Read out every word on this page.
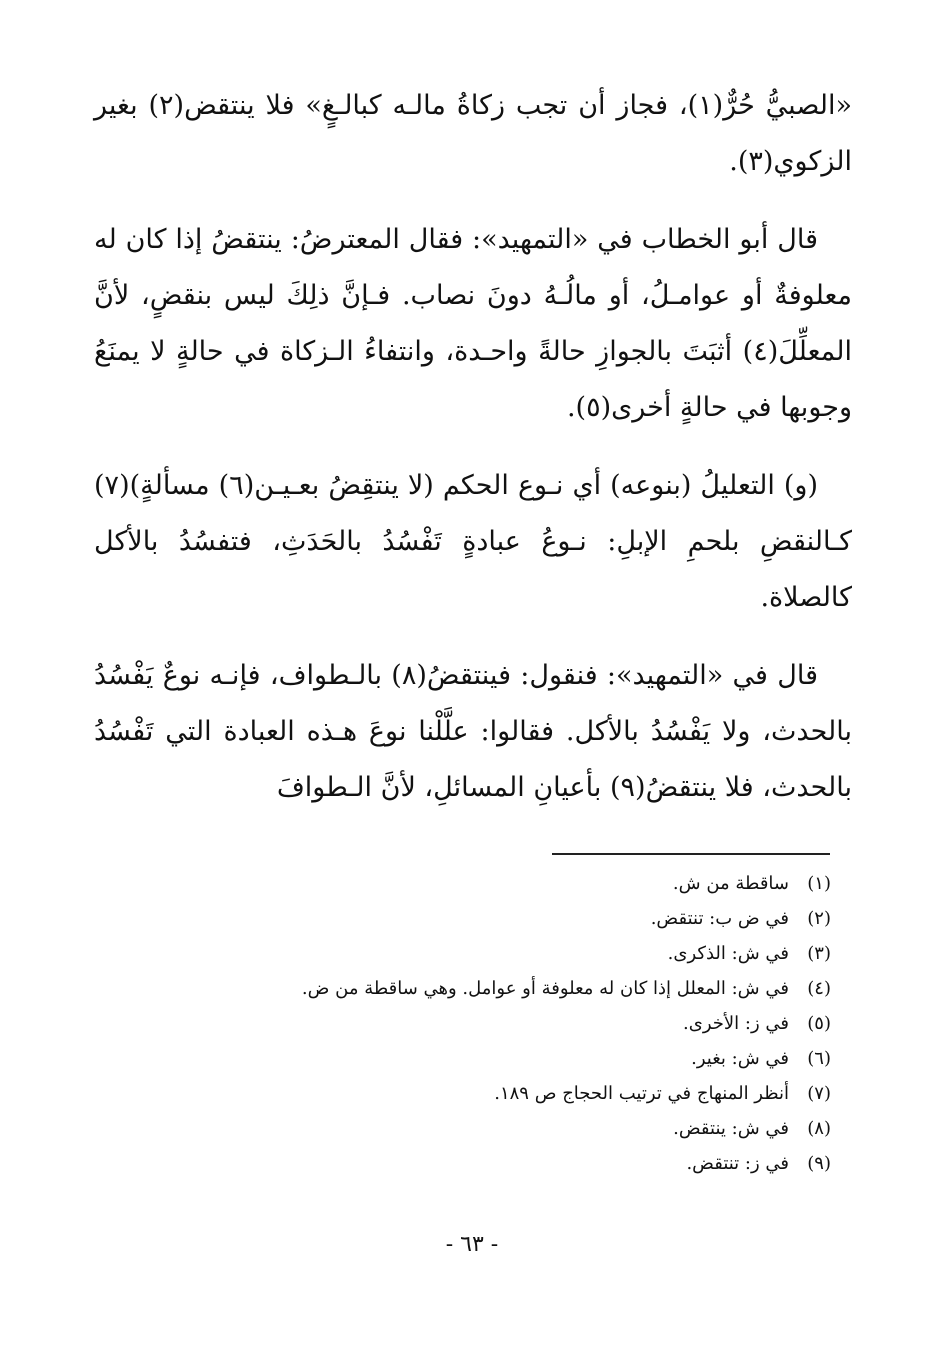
«الصبيُّ حُرٌّ(١)، فجاز أن تجب زكاةُ مالـه كبالـغٍ» فلا ينتقض(٢) بغير الزكوي(٣).

قال أبو الخطاب في «التمهيد»: فقال المعترضُ: ينتقضُ إذا كان له معلوفةٌ أو عوامـلُ، أو مالُـهُ دونَ نصاب. فـإنَّ ذلِكَ ليس بنقضٍ، لأنَّ المعلِّلَ(٤) أثبَتَ بالجوازِ حالةً واحـدة، وانتفاءُ الـزكاة في حالةٍ لا يمنَعُ وجوبها في حالةٍ أخرى(٥).

(و) التعليلُ (بنوعه) أي نـوع الحكم (لا ينتقِضُ بعـيـن(٦) مسألةٍ)(٧) كـالنقضِ بلحمِ الإبلِ: نـوعُ عبادةٍ تَفْسُدُ بالحَدَثِ، فتفسُدُ بالأكل كالصلاة.

قال في «التمهيد»: فنقول: فينتقضُ(٨) بالـطواف، فإنـه نوعٌ يَفْسُدُ بالحدث، ولا يَفْسُدُ بالأكل. فقالوا: علَّلْنا نوعَ هـذه العبادة التي تَفْسُدُ بالحدث، فلا ينتقضُ(٩) بأعيانِ المسائلِ، لأنَّ الـطوافَ

(١)ساقطة من ش.
(٢)في ض ب: تنتقض.
(٣)في ش: الذكرى.
(٤)في ش: المعلل إذا كان له معلوفة أو عوامل. وهي ساقطة من ض.
(٥)في ز: الأخرى.
(٦)في ش: بغير.
(٧)أنظر المنهاج في ترتيب الحجاج ص ١٨٩.
(٨)في ش: ينتقض.
(٩)في ز: تنتقض.
- ٦٣ -
